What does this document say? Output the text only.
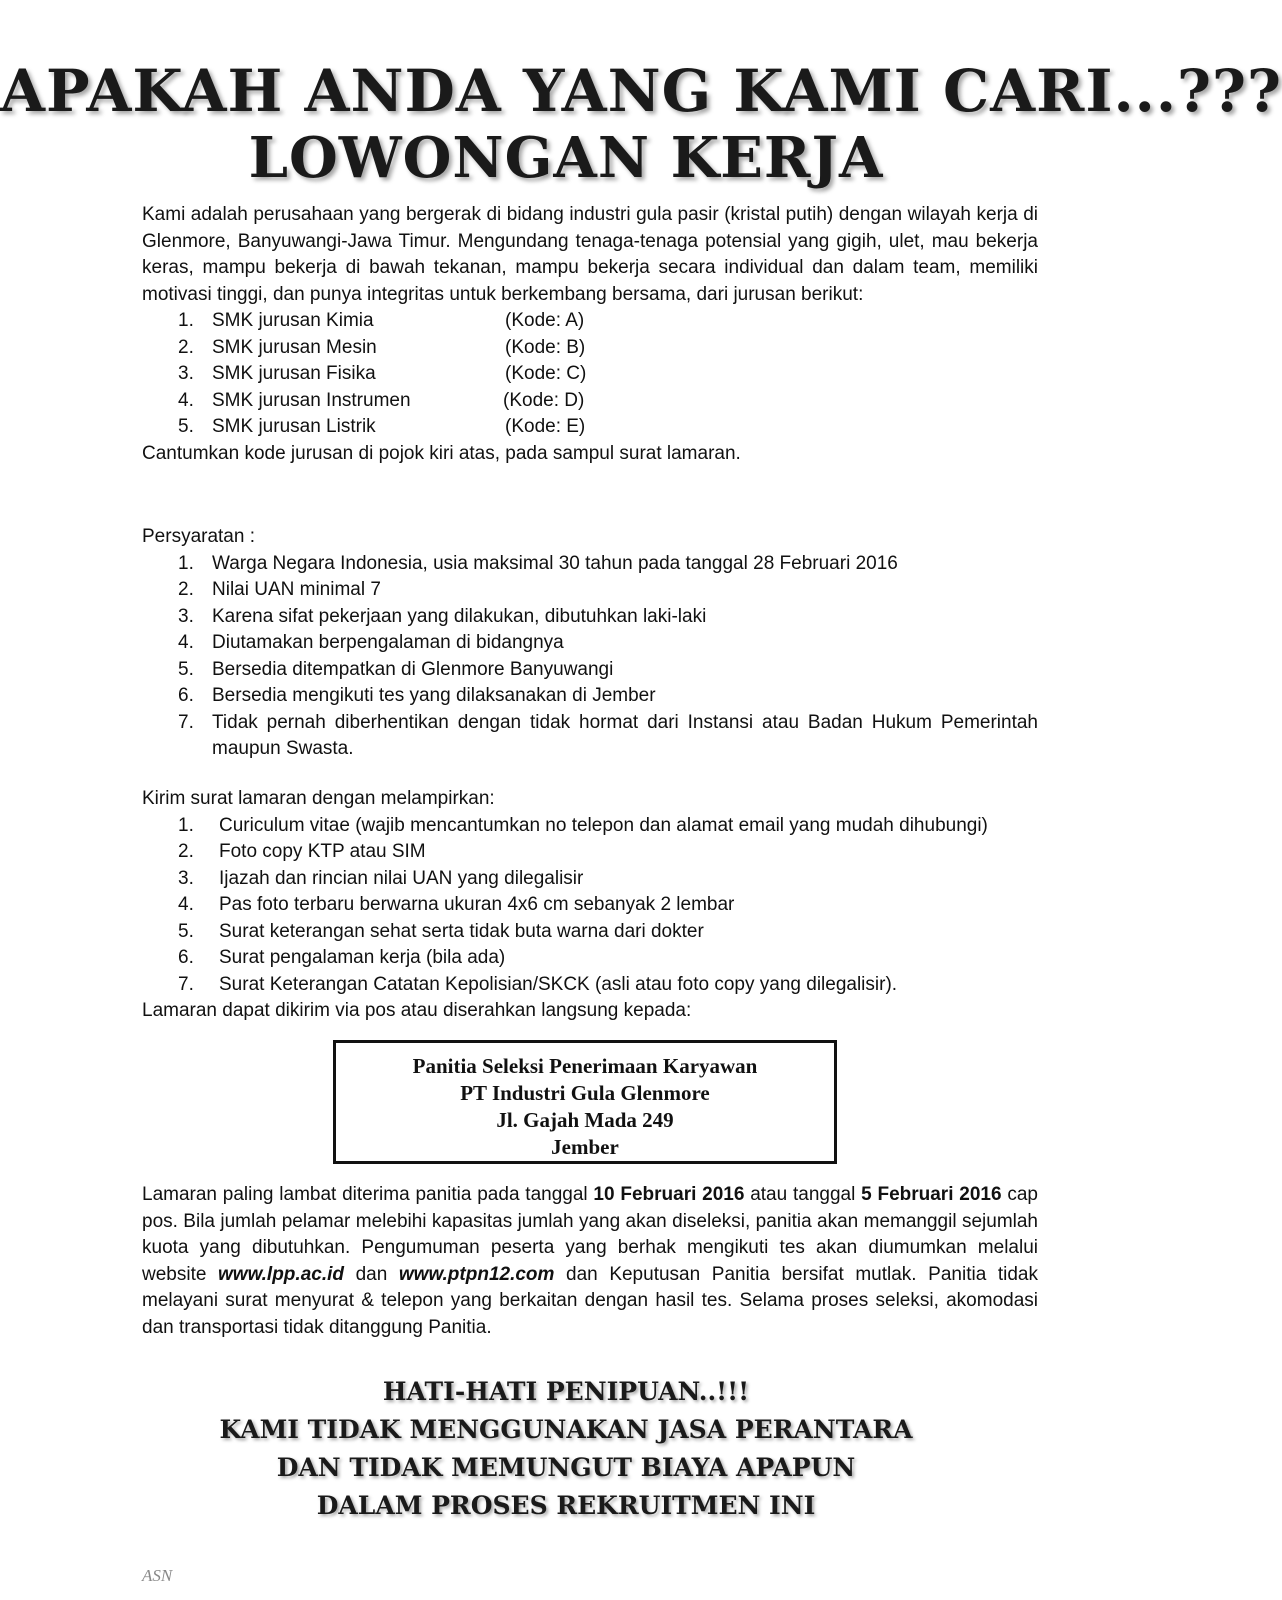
APAKAH ANDA YANG KAMI CARI...???
LOWONGAN KERJA
Kami adalah perusahaan yang bergerak di bidang industri gula pasir (kristal putih) dengan wilayah kerja di Glenmore, Banyuwangi-Jawa Timur. Mengundang tenaga-tenaga potensial yang gigih, ulet, mau bekerja keras, mampu bekerja di bawah tekanan, mampu bekerja secara individual dan dalam team, memiliki motivasi tinggi, dan punya integritas untuk berkembang bersama, dari jurusan berikut:
1. SMK jurusan Kimia	(Kode: A)
2. SMK jurusan Mesin	(Kode: B)
3. SMK jurusan Fisika	(Kode: C)
4. SMK jurusan Instrumen	(Kode: D)
5. SMK jurusan Listrik	(Kode: E)
Cantumkan kode jurusan di pojok kiri atas, pada sampul surat lamaran.
Persyaratan :
1. Warga Negara Indonesia, usia maksimal 30 tahun pada tanggal 28 Februari 2016
2. Nilai UAN minimal 7
3. Karena sifat pekerjaan yang dilakukan, dibutuhkan laki-laki
4. Diutamakan berpengalaman di bidangnya
5. Bersedia ditempatkan di Glenmore Banyuwangi
6. Bersedia mengikuti tes yang dilaksanakan di Jember
7. Tidak pernah diberhentikan dengan tidak hormat dari Instansi atau Badan Hukum Pemerintah maupun Swasta.
Kirim surat lamaran dengan melampirkan:
1.	Curiculum vitae (wajib mencantumkan no telepon dan alamat email yang mudah dihubungi)
2.	Foto copy KTP atau SIM
3.	Ijazah dan rincian nilai UAN yang dilegalisir
4.	Pas foto terbaru berwarna ukuran 4x6 cm sebanyak 2 lembar
5.	Surat keterangan sehat serta tidak buta warna dari dokter
6.	Surat pengalaman kerja (bila ada)
7.	Surat Keterangan Catatan Kepolisian/SKCK (asli atau foto copy yang dilegalisir).
Lamaran dapat dikirim via pos atau diserahkan langsung kepada:
Panitia Seleksi Penerimaan Karyawan
PT Industri Gula Glenmore
Jl. Gajah Mada 249
Jember
Lamaran paling lambat diterima panitia pada tanggal 10 Februari 2016 atau tanggal 5 Februari 2016 cap pos. Bila jumlah pelamar melebihi kapasitas jumlah yang akan diseleksi, panitia akan memanggil sejumlah kuota yang dibutuhkan. Pengumuman peserta yang berhak mengikuti tes akan diumumkan melalui website www.lpp.ac.id dan www.ptpn12.com dan Keputusan Panitia bersifat mutlak. Panitia tidak melayani surat menyurat & telepon yang berkaitan dengan hasil tes. Selama proses seleksi, akomodasi dan transportasi tidak ditanggung Panitia.
HATI-HATI PENIPUAN..!!!
KAMI TIDAK MENGGUNAKAN JASA PERANTARA
DAN TIDAK MEMUNGUT BIAYA APAPUN
DALAM PROSES REKRUITMEN INI
ASN
